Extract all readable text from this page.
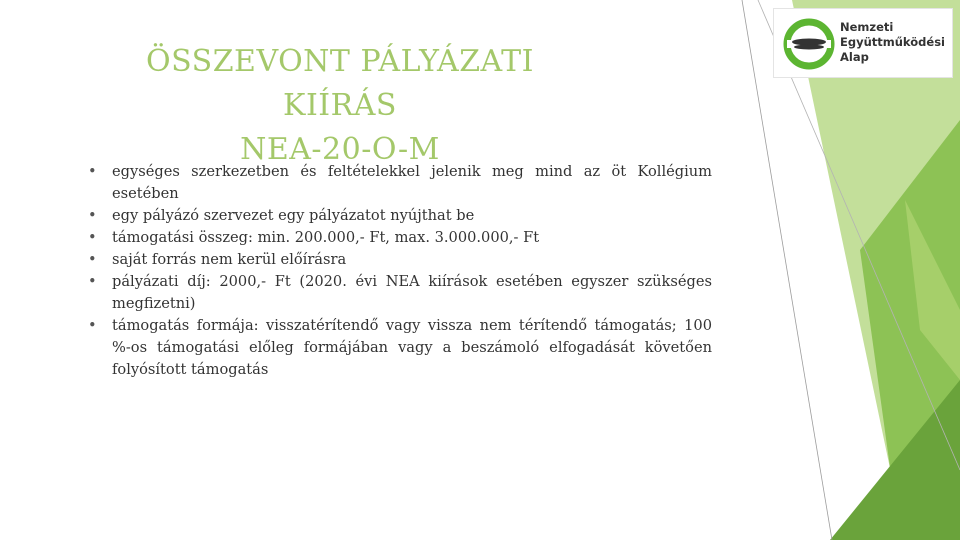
ÖSSZEVONT PÁLYÁZATI KIÍRÁS
NEA-20-O-M
Nemzeti
Együttműködési
Alap
• egységes szerkezetben és feltételekkel jelenik meg mind az öt Kollégium esetében
• egy pályázó szervezet egy pályázatot nyújthat be
• támogatási összeg: min. 200.000,- Ft, max. 3.000.000,- Ft
• saját forrás nem kerül előírásra
• pályázati díj: 2000,- Ft (2020. évi NEA kiírások esetében egyszer szükséges megfizetni)
• támogatás formája: visszatérítendő vagy vissza nem térítendő támogatás; 100 %-os támogatási előleg formájában vagy a beszámoló elfogadását követően folyósított támogatás
